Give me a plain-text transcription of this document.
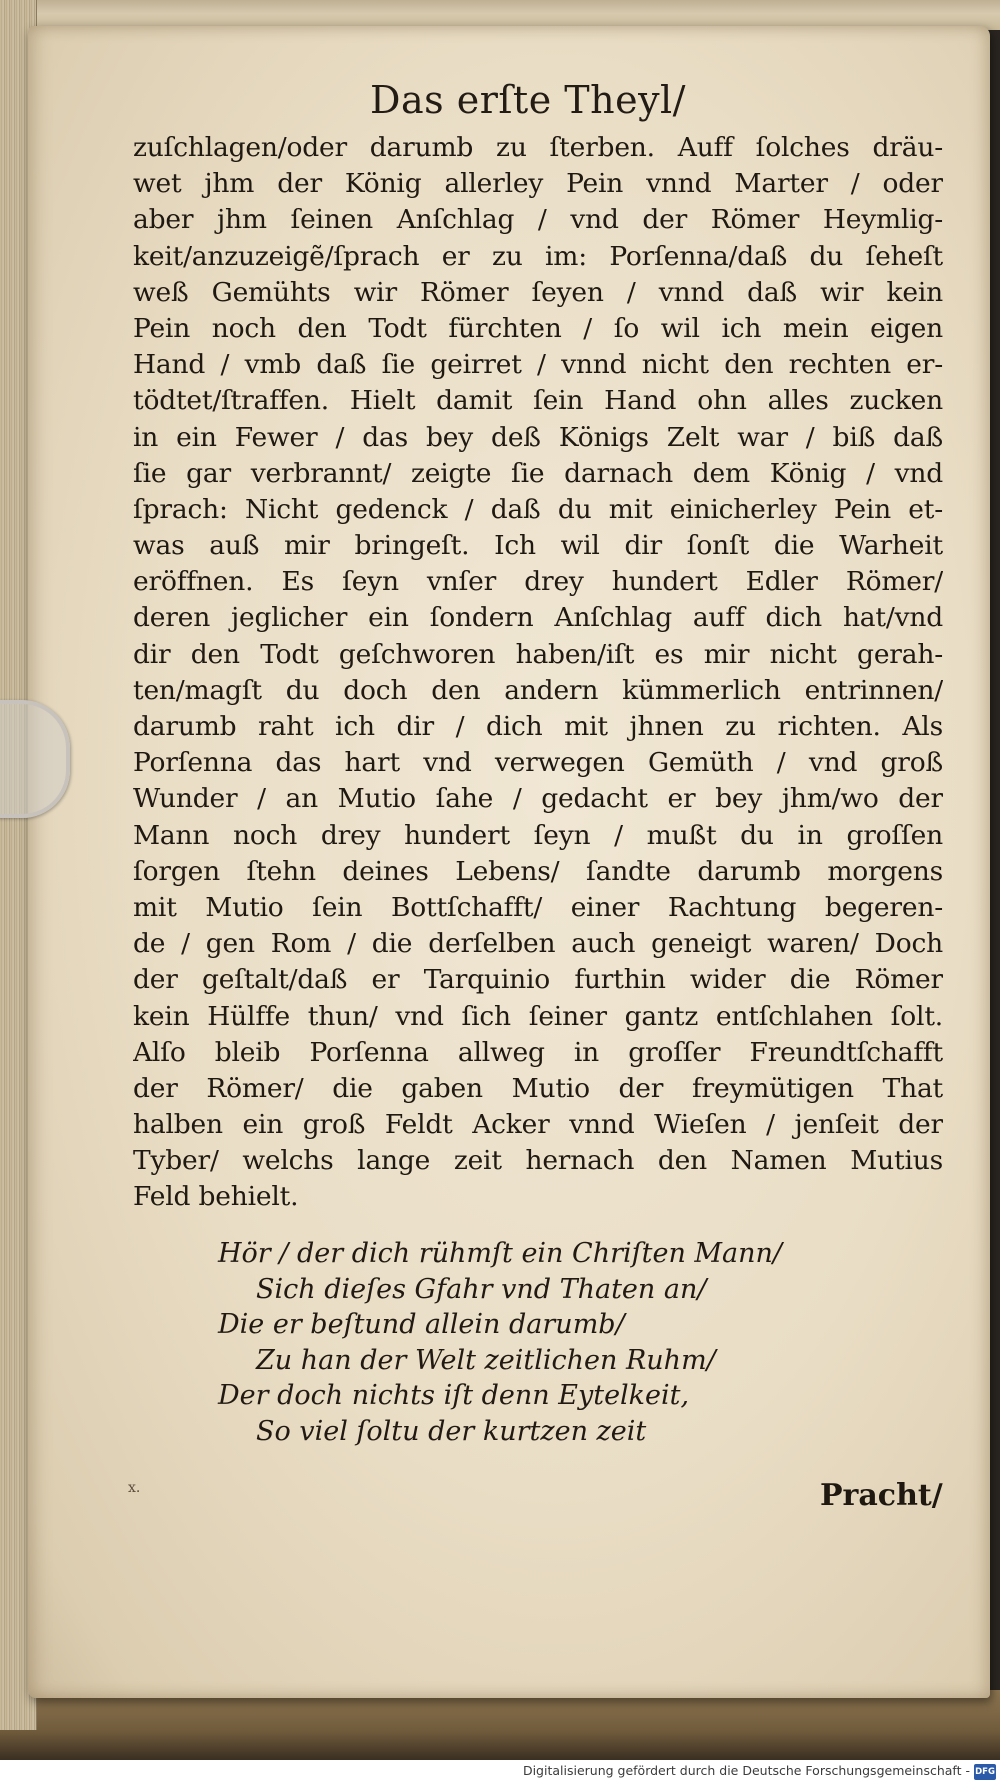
Das erſte Theyl/
zuſchlagen/oder darumb zu ſterben. Auff ſolches dräu-
wet jhm der König allerley Pein vnnd Marter / oder
aber jhm ſeinen Anſchlag / vnd der Römer Heymlig-
keit/anzuzeigẽ/ſprach er zu im: Porſenna/daß du ſeheſt
weß Gemühts wir Römer ſeyen / vnnd daß wir kein
Pein noch den Todt fürchten / ſo wil ich mein eigen
Hand / vmb daß ſie geirret / vnnd nicht den rechten er-
tödtet/ſtraffen. Hielt damit ſein Hand ohn alles zucken
in ein Fewer / das bey deß Königs Zelt war / biß daß
ſie gar verbrannt/ zeigte ſie darnach dem König / vnd
ſprach: Nicht gedenck / daß du mit einicherley Pein et-
was auß mir bringeſt. Ich wil dir ſonſt die Warheit
eröffnen. Es ſeyn vnſer drey hundert Edler Römer/
deren jeglicher ein ſondern Anſchlag auff dich hat/vnd
dir den Todt geſchworen haben/iſt es mir nicht gerah-
ten/magſt du doch den andern kümmerlich entrinnen/
darumb raht ich dir / dich mit jhnen zu richten. Als
Porſenna das hart vnd verwegen Gemüth / vnd groß
Wunder / an Mutio ſahe / gedacht er bey jhm/wo der
Mann noch drey hundert ſeyn / mußt du in groſſen
ſorgen ſtehn deines Lebens/ ſandte darumb morgens
mit Mutio ſein Bottſchafft/ einer Rachtung begeren-
de / gen Rom / die derſelben auch geneigt waren/ Doch
der geſtalt/daß er Tarquinio furthin wider die Römer
kein Hülffe thun/ vnd ſich ſeiner gantz entſchlahen ſolt.
Alſo bleib Porſenna allweg in groſſer Freundtſchafft
der Römer/ die gaben Mutio der freymütigen That
halben ein groß Feldt Acker vnnd Wieſen / jenſeit der
Tyber/ welchs lange zeit hernach den Namen Mutius
Feld behielt.
Hör / der dich rühmſt ein Chriſten Mann/
Sich dieſes Gfahr vnd Thaten an/
Die er beſtund allein darumb/
Zu han der Welt zeitlichen Ruhm/
Der doch nichts iſt denn Eytelkeit,
So viel ſoltu der kurtzen zeit
x.	Pracht/
Digitalisierung gefördert durch die Deutsche Forschungsgemeinschaft - DFG
